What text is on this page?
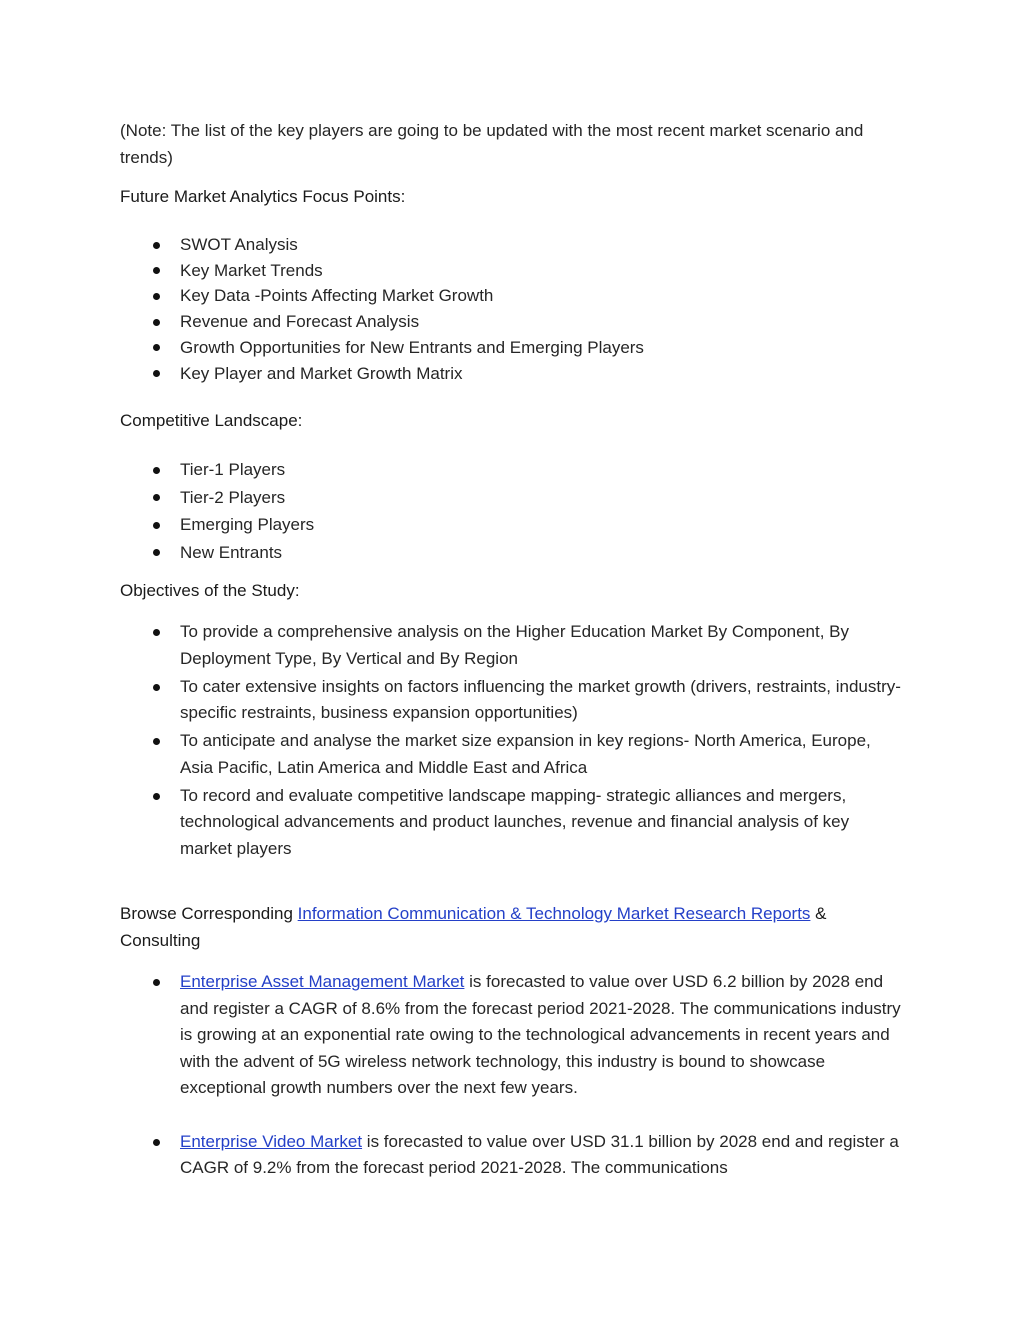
(Note: The list of the key players are going to be updated with the most recent market scenario and trends)

Future Market Analytics Focus Points:
SWOT Analysis
Key Market Trends
Key Data -Points Affecting Market Growth
Revenue and Forecast Analysis
Growth Opportunities for New Entrants and Emerging Players
Key Player and Market Growth Matrix
Competitive Landscape:
Tier-1 Players
Tier-2 Players
Emerging Players
New Entrants
Objectives of the Study:
To provide a comprehensive analysis on the Higher Education Market By Component, By Deployment Type, By Vertical and By Region
To cater extensive insights on factors influencing the market growth (drivers, restraints, industry-specific restraints, business expansion opportunities)
To anticipate and analyse the market size expansion in key regions- North America, Europe, Asia Pacific, Latin America and Middle East and Africa
To record and evaluate competitive landscape mapping- strategic alliances and mergers, technological advancements and product launches, revenue and financial analysis of key market players
Browse Corresponding Information Communication & Technology Market Research Reports & Consulting
Enterprise Asset Management Market is forecasted to value over USD 6.2 billion by 2028 end and register a CAGR of 8.6% from the forecast period 2021-2028. The communications industry is growing at an exponential rate owing to the technological advancements in recent years and with the advent of 5G wireless network technology, this industry is bound to showcase exceptional growth numbers over the next few years.
Enterprise Video Market is forecasted to value over USD 31.1 billion by 2028 end and register a CAGR of 9.2% from the forecast period 2021-2028. The communications
